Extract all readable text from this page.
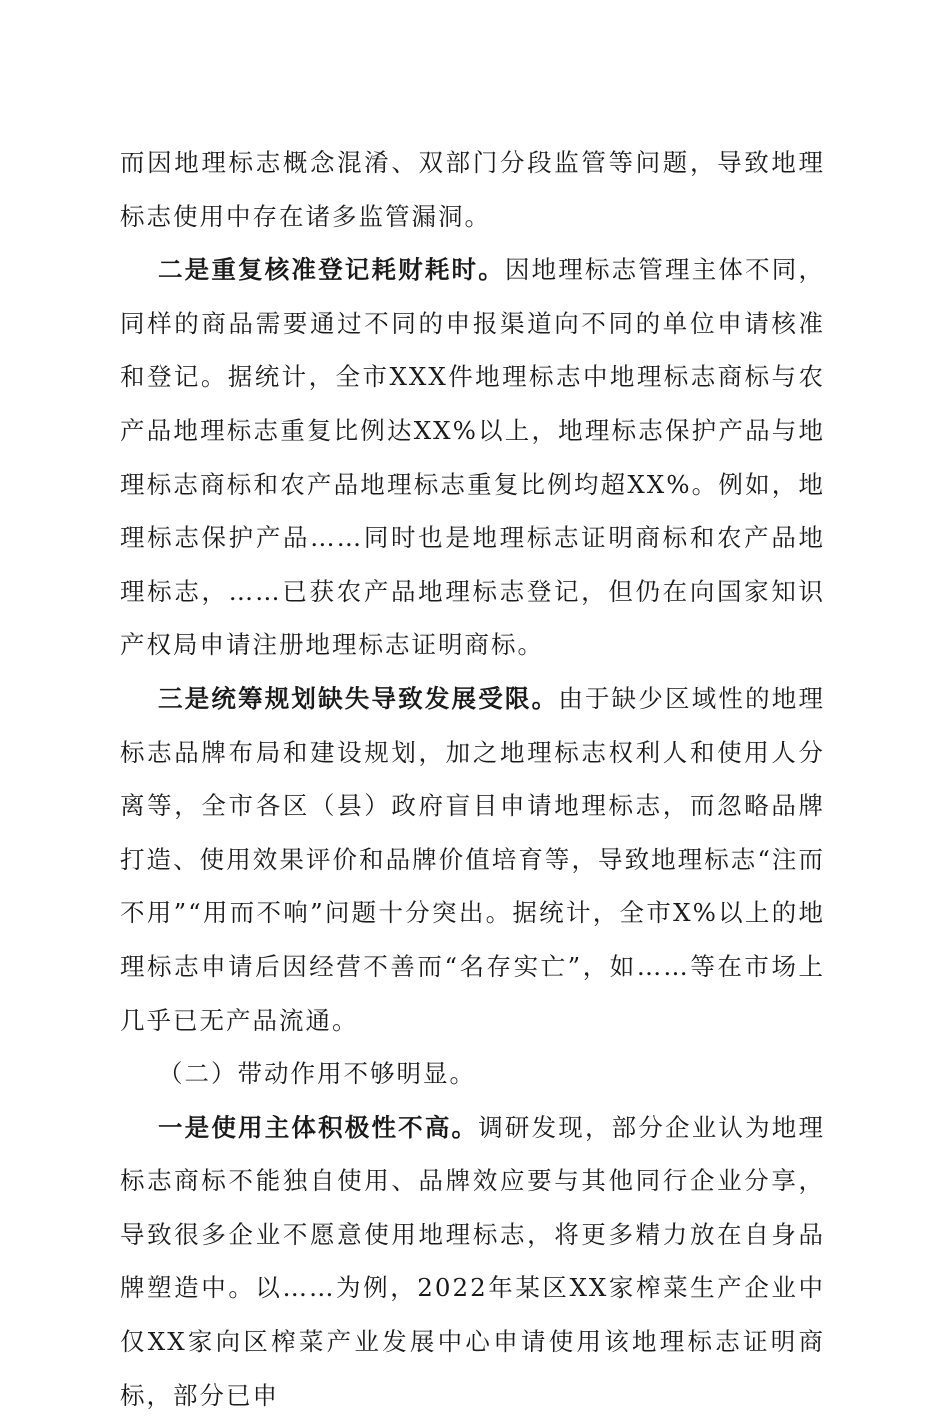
而因地理标志概念混淆、双部门分段监管等问题，导致地理标志使用中存在诸多监管漏洞。

二是重复核准登记耗财耗时。因地理标志管理主体不同，同样的商品需要通过不同的申报渠道向不同的单位申请核准和登记。据统计，全市XXX件地理标志中地理标志商标与农产品地理标志重复比例达XX%以上，地理标志保护产品与地理标志商标和农产品地理标志重复比例均超XX%。例如，地理标志保护产品……同时也是地理标志证明商标和农产品地理标志，……已获农产品地理标志登记，但仍在向国家知识产权局申请注册地理标志证明商标。

三是统筹规划缺失导致发展受限。由于缺少区域性的地理标志品牌布局和建设规划，加之地理标志权利人和使用人分离等，全市各区（县）政府盲目申请地理标志，而忽略品牌打造、使用效果评价和品牌价值培育等，导致地理标志“注而不用”“用而不响”问题十分突出。据统计，全市X%以上的地理标志申请后因经营不善而“名存实亡”，如……等在市场上几乎已无产品流通。

（二）带动作用不够明显。

一是使用主体积极性不高。调研发现，部分企业认为地理标志商标不能独自使用、品牌效应要与其他同行企业分享，导致很多企业不愿意使用地理标志，将更多精力放在自身品牌塑造中。以……为例，2022年某区XX家榨菜生产企业中仅XX家向区榨菜产业发展中心申请使用该地理标志证明商标，部分已申
